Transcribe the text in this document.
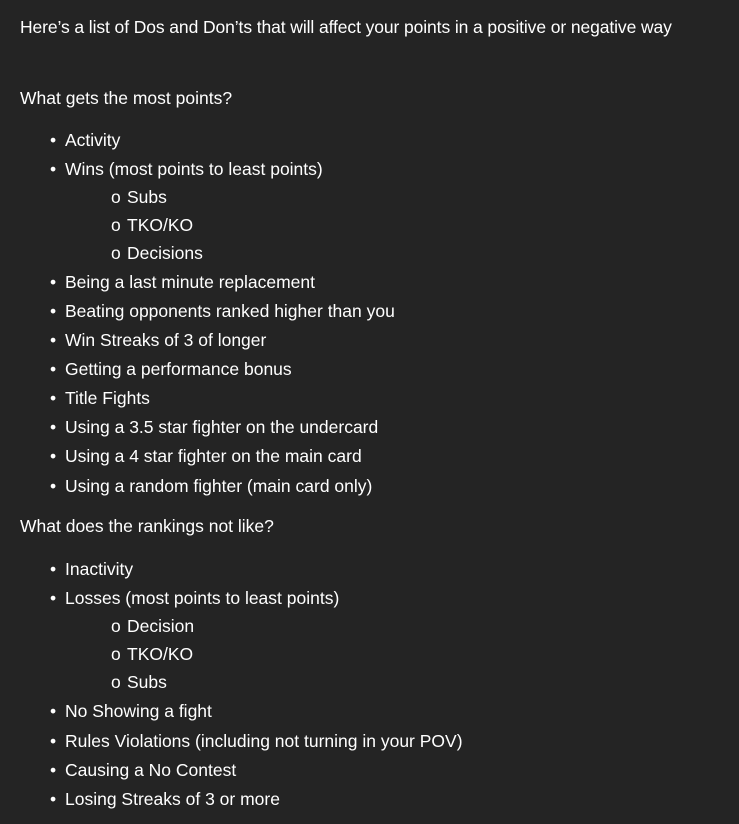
Here’s a list of Dos and Don’ts that will affect your points in a positive or negative way
What gets the most points?
• Activity
• Wins (most points to least points)
o Subs
o TKO/KO
o Decisions
• Being a last minute replacement
• Beating opponents ranked higher than you
• Win Streaks of 3 of longer
• Getting a performance bonus
• Title Fights
• Using a 3.5 star fighter on the undercard
• Using a 4 star fighter on the main card
• Using a random fighter (main card only)
What does the rankings not like?
• Inactivity
• Losses (most points to least points)
o Decision
o TKO/KO
o Subs
• No Showing a fight
• Rules Violations (including not turning in your POV)
• Causing a No Contest
• Losing Streaks of 3 or more
